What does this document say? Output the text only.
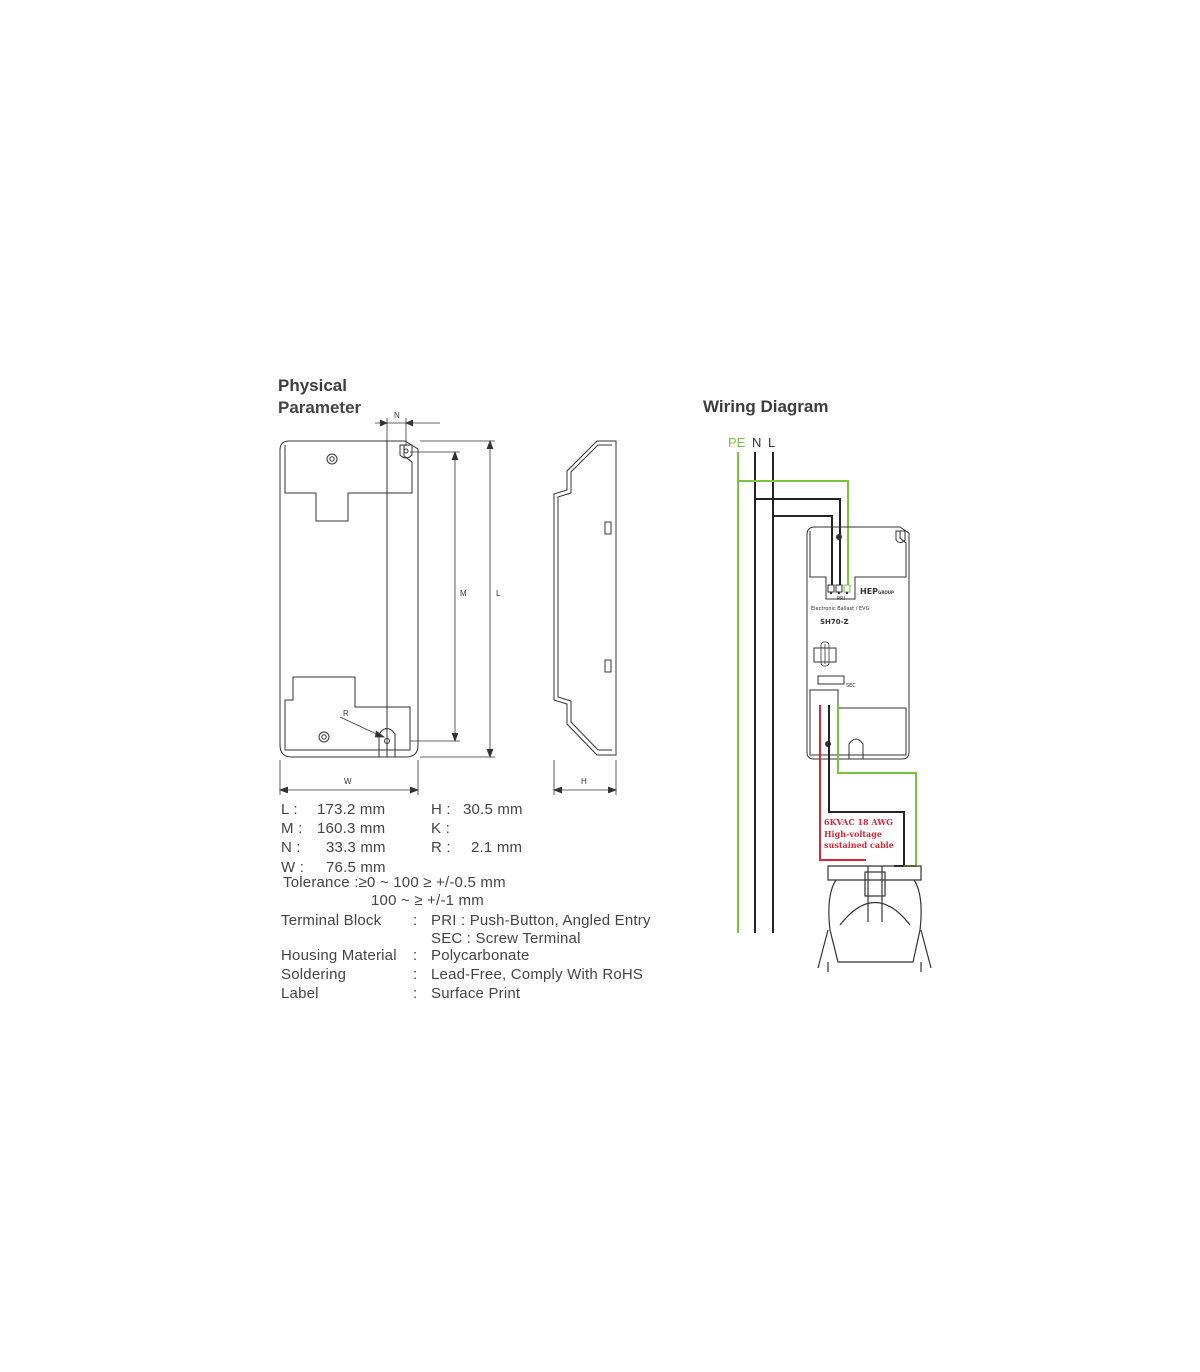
Physical
Parameter	N
M	L
R
W	H
L : 173.2 mm	H : 30.5 mm
M : 160.3 mm	K :
N : 33.3 mm	R : 2.1 mm
W : 76.5 mm
Tolerance :≥0 ~ 100 ≥ +/-0.5 mm
100 ~ ≥ +/-1 mm
Terminal Block : PRI : Push-Button, Angled Entry
SEC : Screw Terminal
Housing Material : Polycarbonate
Soldering	: Lead-Free, Comply With RoHS
Label	: Surface Print
Wiring Diagram
PE N L
HEPGROUP
Electronic Ballast / EVG
SH70-Z
PRI
SEC
6KVAC 18 AWG
High-voltage
sustained cable
